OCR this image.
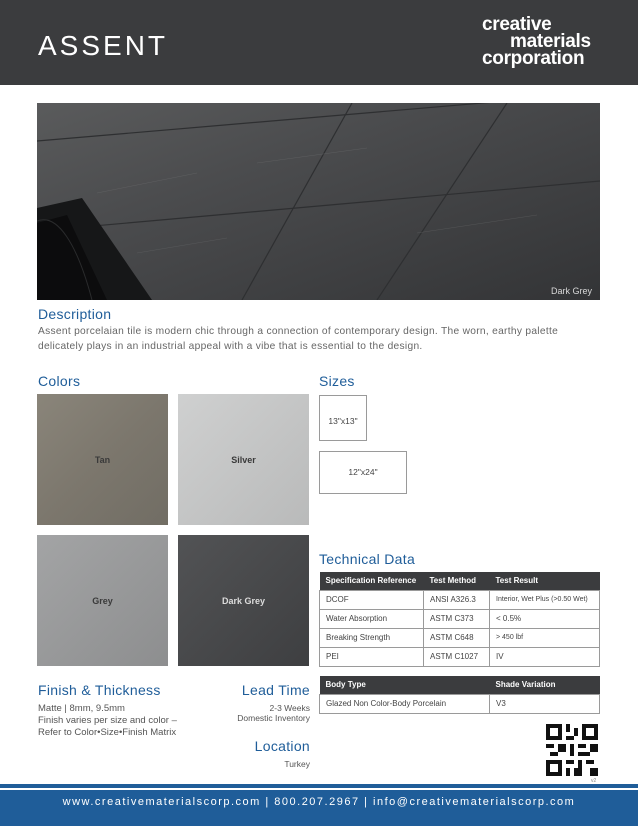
ASSENT
creative
materials
corporation
Dark Grey
Description
Assent porcelaian tile is modern chic through a connection of contemporary design. The worn, earthy palette delicately plays in an industrial appeal with a vibe that is essential to the design.
Colors
Tan	Silver
Grey	Dark Grey
Sizes
13"x13"
12"x24"
Technical Data
Specification Reference	Test Method	Test Result
DCOF	ANSI A326.3	Interior, Wet Plus (>0.50 Wet)
Water Absorption	ASTM C373	< 0.5%
Breaking Strength	ASTM C648	> 450 lbf
PEI	ASTM C1027	IV
Body Type	Shade Variation
Glazed Non Color-Body Porcelain	V3
Finish & Thickness
Matte | 8mm, 9.5mm
Finish varies per size and color –
Refer to Color•Size•Finish Matrix
Lead Time
2-3 Weeks
Domestic Inventory
Location
Turkey
v2
www.creativematerialscorp.com | 800.207.2967 | info@creativematerialscorp.com
